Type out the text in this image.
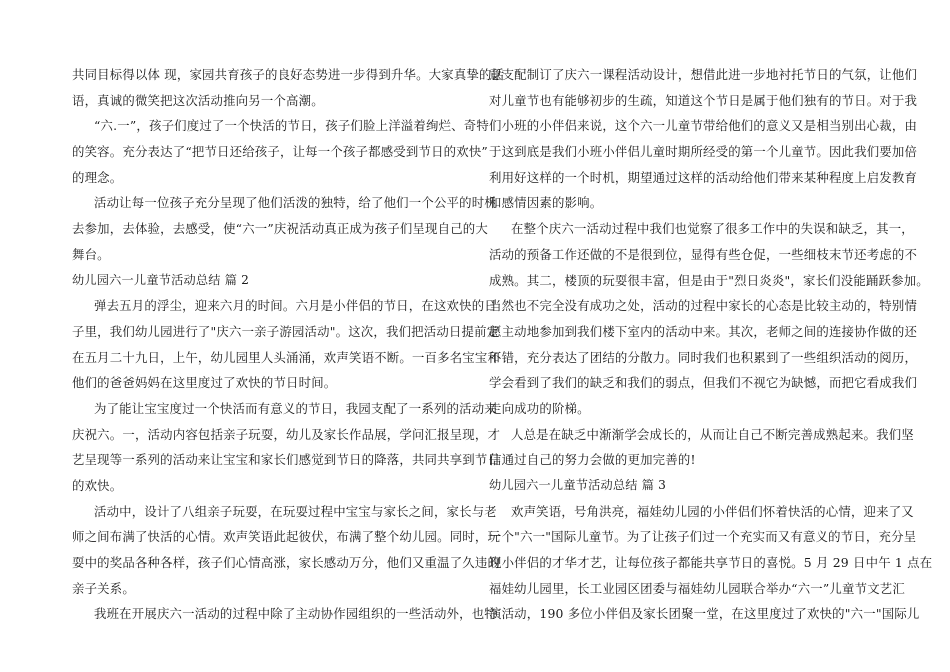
共同目标得以体 现，家园共育孩子的良好态势进一步得到升华。大家真挚的话
语，真诚的微笑把这次活动推向另一个高潮。
“六.一”，孩子们度过了一个快活的节日，孩子们脸上洋溢着绚烂、奇特
的笑容。充分表达了“把节日还给孩子，让每一个孩子都感受到节日的欢快”
的理念。
活动让每一位孩子充分呈现了他们活泼的独特，给了他们一个公平的时机
去参加，去体验，去感受，使“六一”庆祝活动真正成为孩子们呈现自己的大
舞台。
幼儿园六一儿童节活动总结 篇 2
弹去五月的浮尘，迎来六月的时间。六月是小伴侣的节日，在这欢快的日
子里，我们幼儿园进行了"庆六一亲子游园活动"。这次，我们把活动日提前定
在五月二十九日，上午，幼儿园里人头涌涌，欢声笑语不断。一百多名宝宝和
他们的爸爸妈妈在这里度过了欢快的节日时间。
为了能让宝宝度过一个快活而有意义的节日，我园支配了一系列的活动来
庆祝六。一，活动内容包括亲子玩耍，幼儿及家长作品展，学问汇报呈现，才
艺呈现等一系列的活动来让宝宝和家长们感觉到节日的降落，共同共享到节日
的欢快。
活动中，设计了八组亲子玩耍，在玩耍过程中宝宝与家长之间，家长与老
师之间布满了快活的心情。欢声笑语此起彼伏，布满了整个幼儿园。同时，玩
耍中的奖品各种各样，孩子们心情高涨，家长感动万分，他们又重温了久违的
亲子关系。
我班在开展庆六一活动的过程中除了主动协作园组织的一些活动外，也特
意支配制订了庆六一课程活动设计，想借此进一步地衬托节日的气氛，让他们
对儿童节也有能够初步的生疏，知道这个节日是属于他们独有的节日。对于我
们小班的小伴侣来说，这个六一儿童节带给他们的意义又是相当别出心裁，由
于这到底是我们小班小伴侣儿童时期所经受的第一个儿童节。因此我们要加倍
利用好这样的一个时机，期望通过这样的活动给他们带来某种程度上启发教育
和感情因素的影响。
在整个庆六一活动过程中我们也觉察了很多工作中的失误和缺乏，其一，
活动的预备工作还做的不是很到位，显得有些仓促，一些细枝末节还考虑的不
成熟。其二，楼顶的玩耍很丰富，但是由于"烈日炎炎"，家长们没能踊跃参加。
当然也不完全没有成功之处，活动的过程中家长的心态是比较主动的，特别情
愿主动地参加到我们楼下室内的活动中来。其次，老师之间的连接协作做的还
不错，充分表达了团结的分散力。同时我们也积累到了一些组织活动的阅历，
学会看到了我们的缺乏和我们的弱点，但我们不视它为缺憾，而把它看成我们
走向成功的阶梯。
人总是在缺乏中渐渐学会成长的，从而让自己不断完善成熟起来。我们坚
信通过自己的努力会做的更加完善的!
幼儿园六一儿童节活动总结 篇 3
欢声笑语，号角洪亮，福娃幼儿园的小伴侣们怀着快活的心情，迎来了又
一个"六一"国际儿童节。为了让孩子们过一个充实而又有意义的节日，充分呈
现小伴侣的才华才艺，让每位孩子都能共享节日的喜悦。5 月 29 日中午 1 点在
福娃幼儿园里，长工业园区团委与福娃幼儿园联合举办“六一”儿童节文艺汇
演活动，190 多位小伴侣及家长团聚一堂，在这里度过了欢快的"六一"国际儿
